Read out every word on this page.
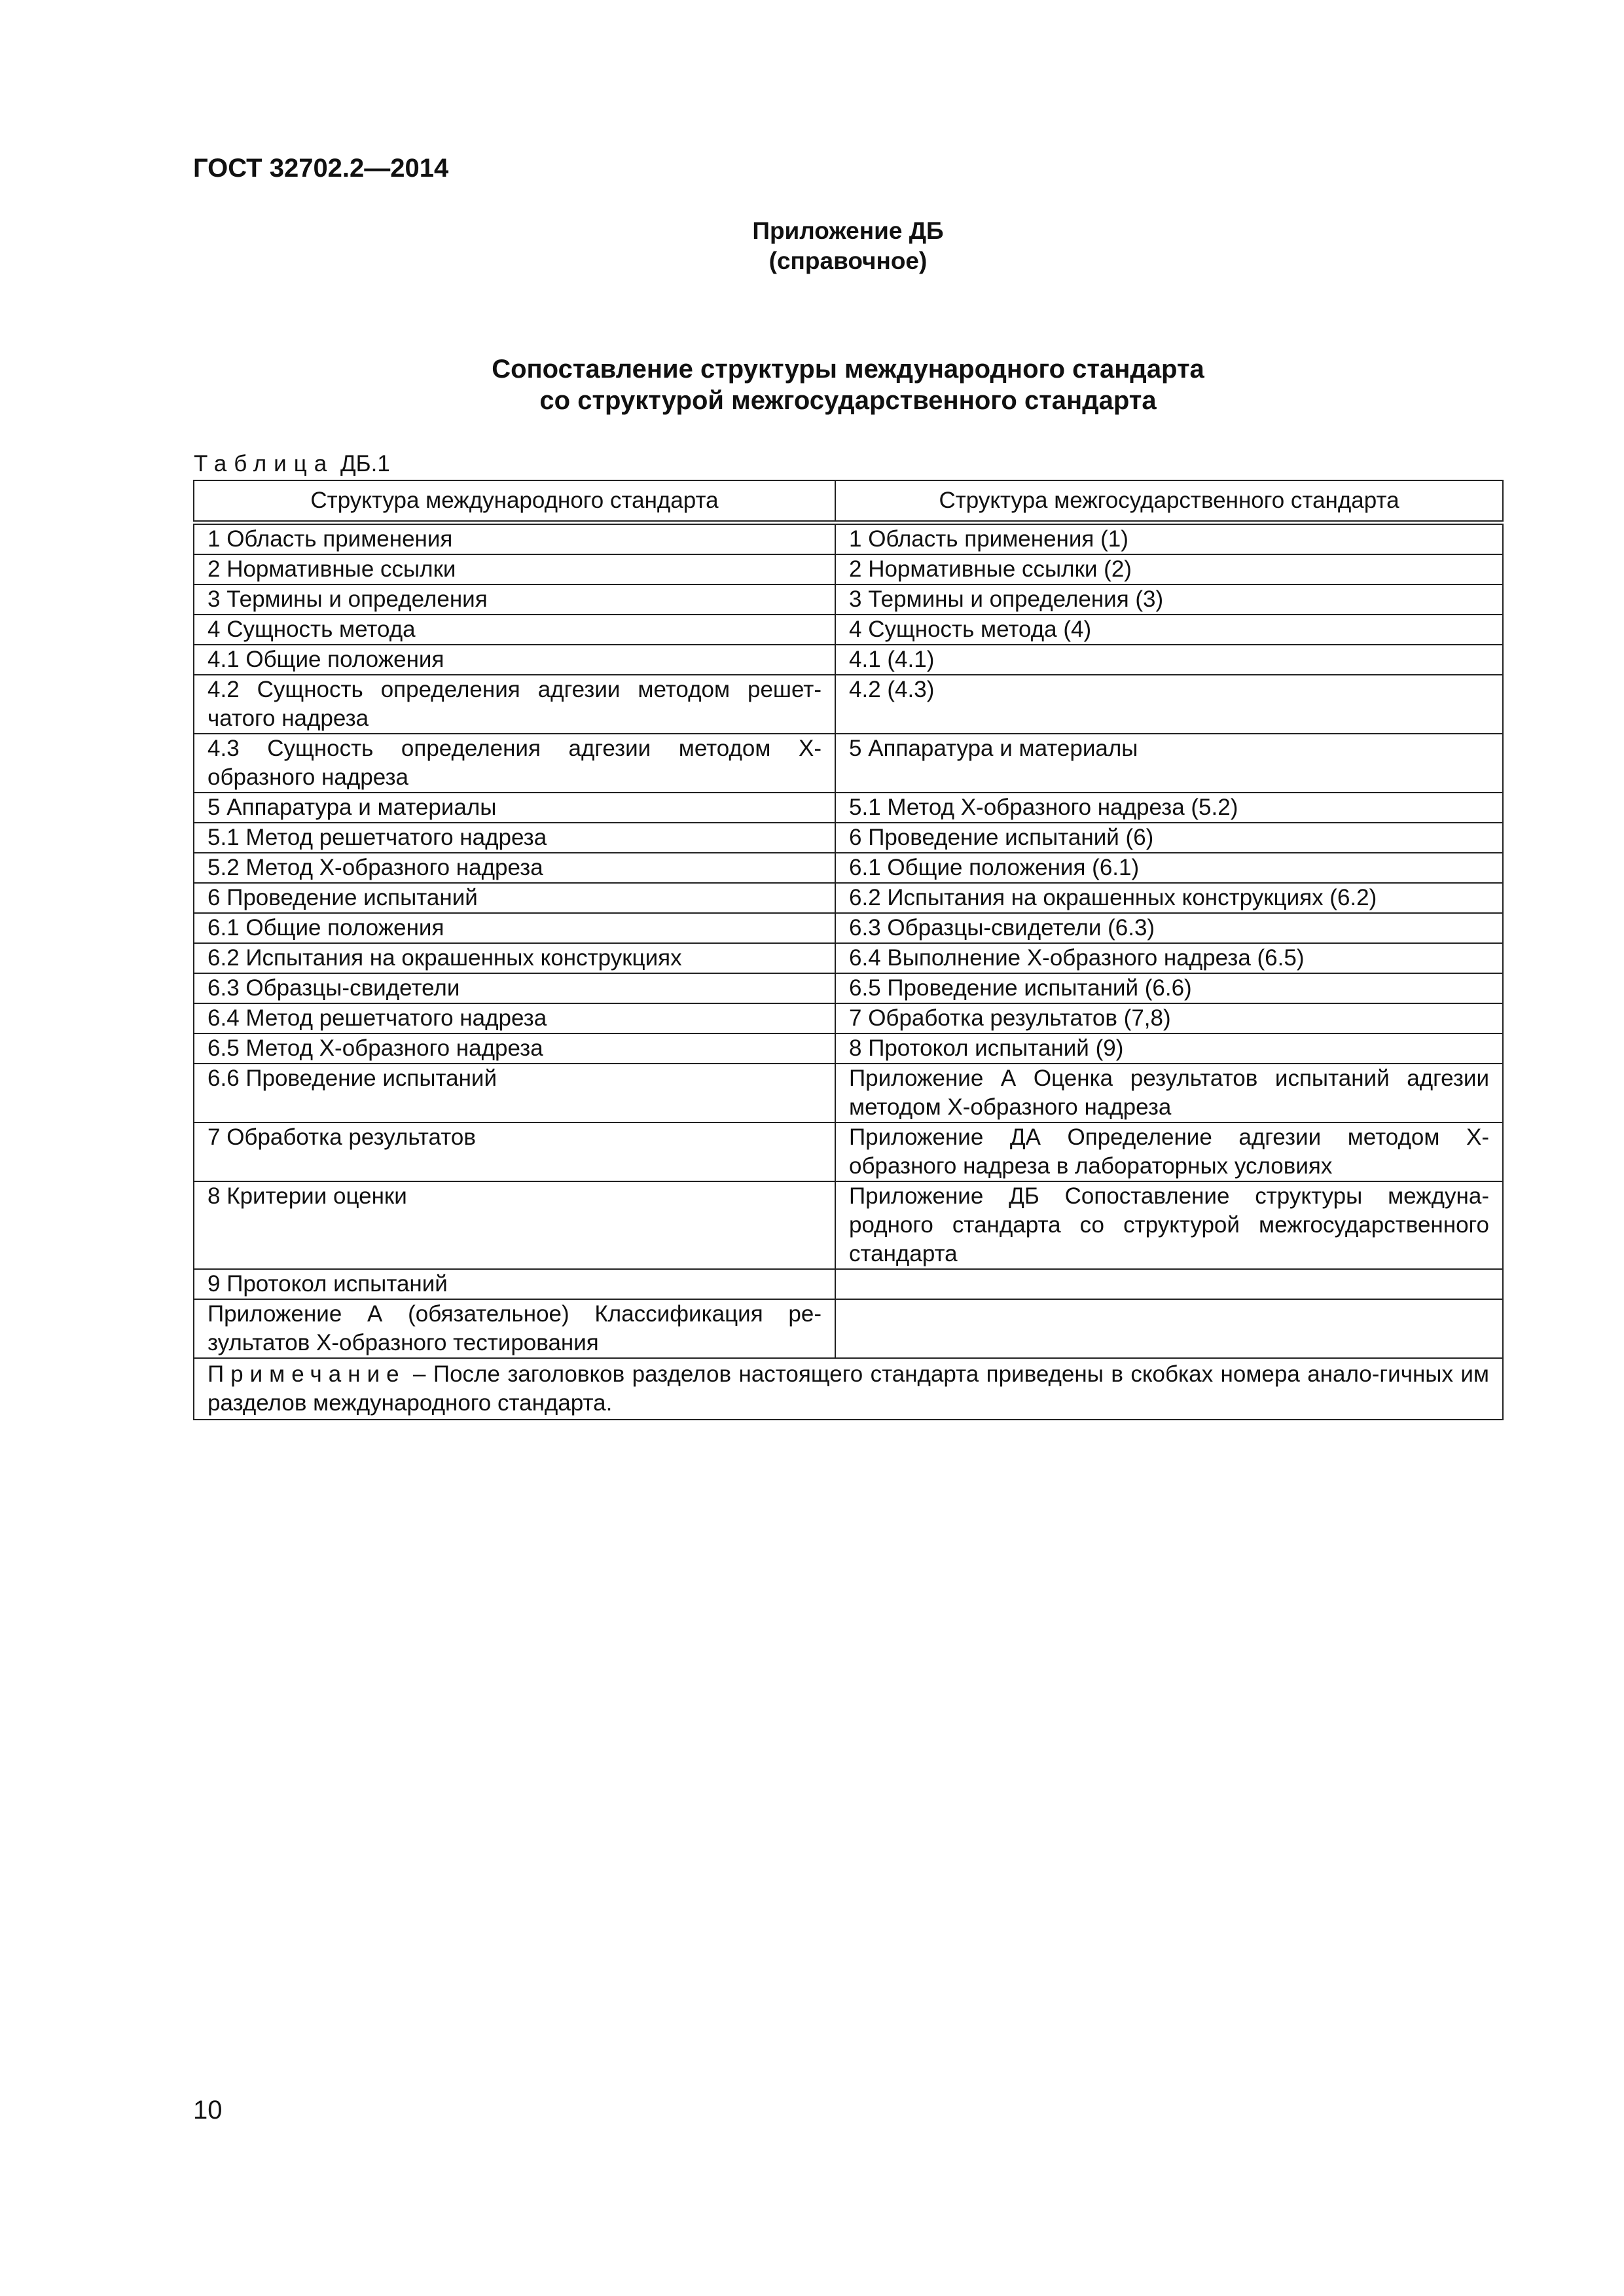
ГОСТ 32702.2—2014
Приложение ДБ
(справочное)
Сопоставление структуры международного стандарта
со структурой межгосударственного стандарта
Таблица ДБ.1
Структура международного стандарта	Структура межгосударственного стандарта
1 Область применения	1 Область применения (1)
2 Нормативные ссылки	2 Нормативные ссылки (2)
3 Термины и определения	3 Термины и определения (3)
4 Сущность метода	4 Сущность метода (4)
4.1 Общие положения	4.1 (4.1)
4.2 Сущность определения адгезии методом решет-чатого надреза	4.2 (4.3)
4.3 Сущность определения адгезии методом Х-образного надреза	5 Аппаратура и материалы
5 Аппаратура и материалы	5.1 Метод Х-образного надреза (5.2)
5.1 Метод решетчатого надреза	6 Проведение испытаний (6)
5.2 Метод Х-образного надреза	6.1 Общие положения (6.1)
6 Проведение испытаний	6.2 Испытания на окрашенных конструкциях (6.2)
6.1 Общие положения	6.3 Образцы-свидетели (6.3)
6.2 Испытания на окрашенных конструкциях	6.4 Выполнение Х-образного надреза (6.5)
6.3 Образцы-свидетели	6.5 Проведение испытаний (6.6)
6.4 Метод решетчатого надреза	7 Обработка результатов (7,8)
6.5 Метод Х-образного надреза	8 Протокол испытаний (9)
6.6 Проведение испытаний	Приложение А Оценка результатов испытаний адгезии методом Х-образного надреза
7 Обработка результатов	Приложение ДА Определение адгезии методом Х-образного надреза в лабораторных условиях
8 Критерии оценки	Приложение ДБ Сопоставление структуры междуна-родного стандарта со структурой межгосударственного стандарта
9 Протокол испытаний	
Приложение А (обязательное) Классификация ре-зультатов Х-образного тестирования	
Примечание – После заголовков разделов настоящего стандарта приведены в скобках номера анало-гичных им разделов международного стандарта.	
10
